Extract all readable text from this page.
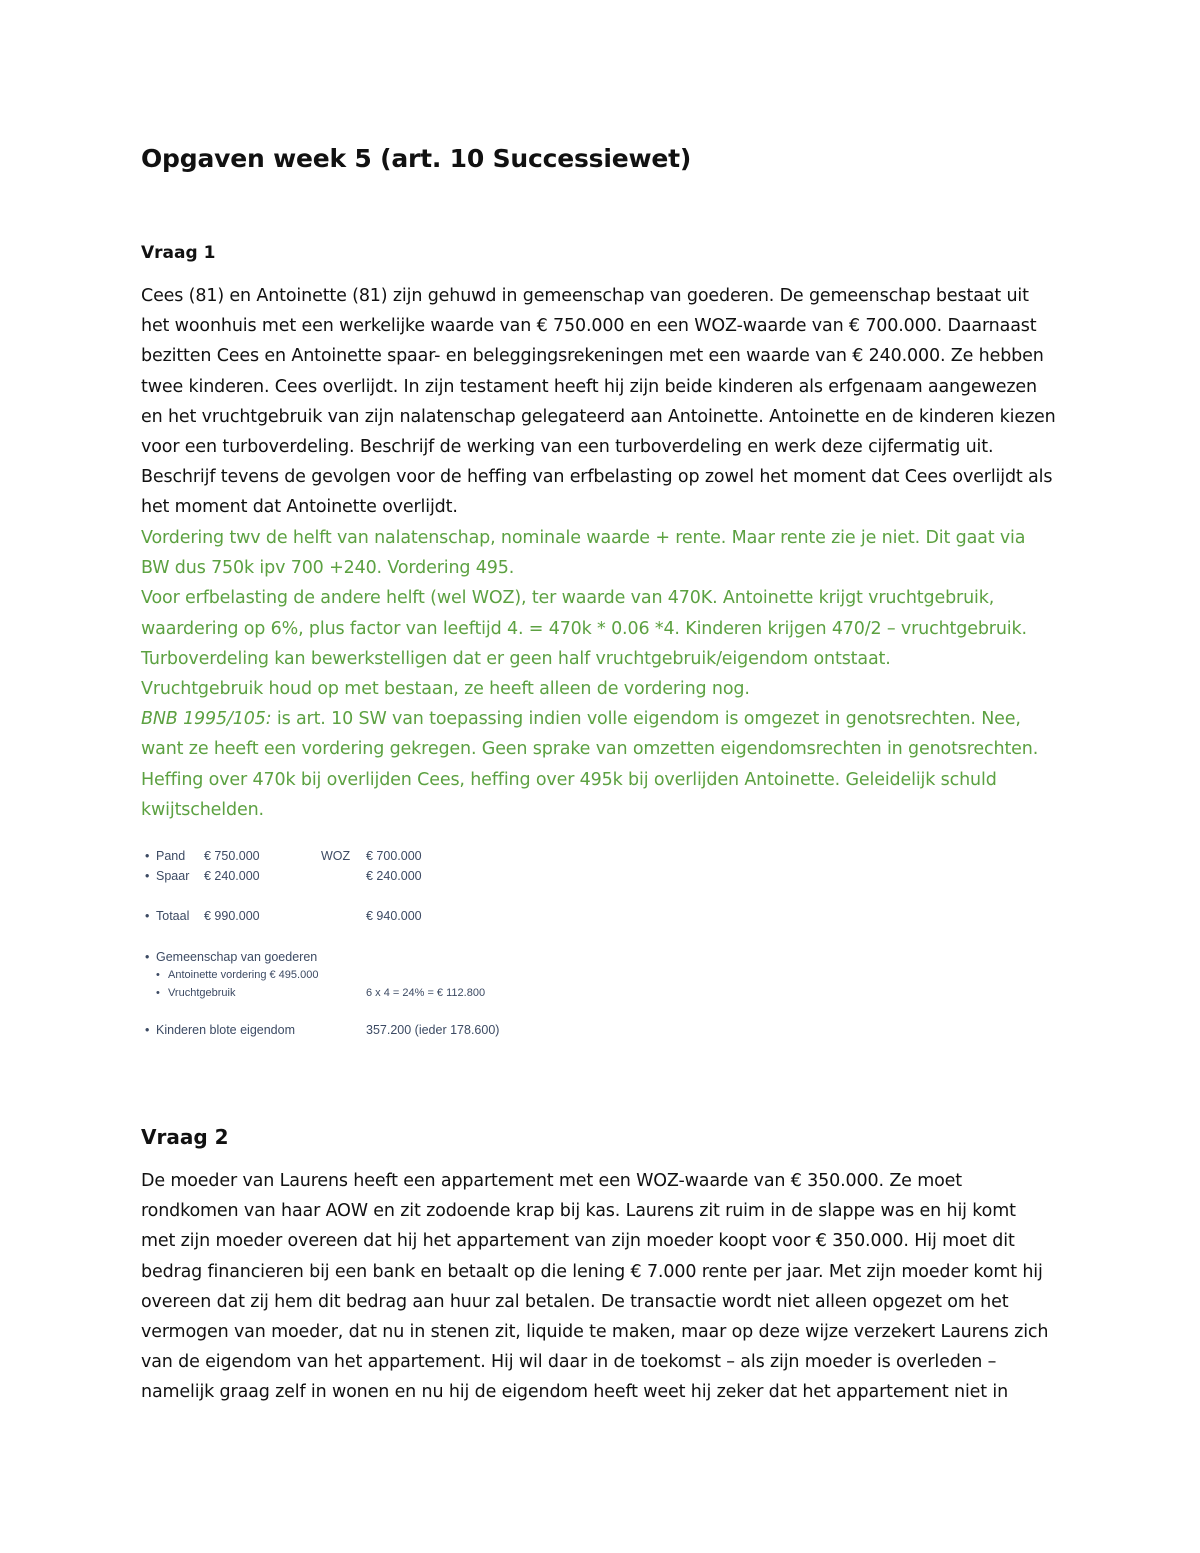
Opgaven week 5 (art. 10 Successiewet)
Vraag 1
Cees (81) en Antoinette (81) zijn gehuwd in gemeenschap van goederen. De gemeenschap bestaat uit
het woonhuis met een werkelijke waarde van € 750.000 en een WOZ-waarde van € 700.000. Daarnaast
bezitten Cees en Antoinette spaar- en beleggingsrekeningen met een waarde van € 240.000. Ze hebben
twee kinderen. Cees overlijdt. In zijn testament heeft hij zijn beide kinderen als erfgenaam aangewezen
en het vruchtgebruik van zijn nalatenschap gelegateerd aan Antoinette. Antoinette en de kinderen kiezen
voor een turboverdeling. Beschrijf de werking van een turboverdeling en werk deze cijfermatig uit.
Beschrijf tevens de gevolgen voor de heffing van erfbelasting op zowel het moment dat Cees overlijdt als
het moment dat Antoinette overlijdt.
Vordering twv de helft van nalatenschap, nominale waarde + rente. Maar rente zie je niet. Dit gaat via
BW dus 750k ipv 700 +240. Vordering 495.
Voor erfbelasting de andere helft (wel WOZ), ter waarde van 470K. Antoinette krijgt vruchtgebruik,
waardering op 6%, plus factor van leeftijd 4. = 470k * 0.06 *4. Kinderen krijgen 470/2 – vruchtgebruik.
Turboverdeling kan bewerkstelligen dat er geen half vruchtgebruik/eigendom ontstaat.
Vruchtgebruik houd op met bestaan, ze heeft alleen de vordering nog.
BNB 1995/105: is art. 10 SW van toepassing indien volle eigendom is omgezet in genotsrechten. Nee,
want ze heeft een vordering gekregen. Geen sprake van omzetten eigendomsrechten in genotsrechten.
Heffing over 470k bij overlijden Cees, heffing over 495k bij overlijden Antoinette. Geleidelijk schuld
kwijtschelden.
• Pand € 750.000	WOZ € 700.000
• Spaar € 240.000	€ 240.000
• Totaal € 990.000	€ 940.000
• Gemeenschap van goederen
• Antoinette vordering € 495.000
• Vruchtgebruik	6 x 4 = 24% = € 112.800
• Kinderen blote eigendom	357.200 (ieder 178.600)
Vraag 2
De moeder van Laurens heeft een appartement met een WOZ-waarde van € 350.000. Ze moet
rondkomen van haar AOW en zit zodoende krap bij kas. Laurens zit ruim in de slappe was en hij komt
met zijn moeder overeen dat hij het appartement van zijn moeder koopt voor € 350.000. Hij moet dit
bedrag financieren bij een bank en betaalt op die lening € 7.000 rente per jaar. Met zijn moeder komt hij
overeen dat zij hem dit bedrag aan huur zal betalen. De transactie wordt niet alleen opgezet om het
vermogen van moeder, dat nu in stenen zit, liquide te maken, maar op deze wijze verzekert Laurens zich
van de eigendom van het appartement. Hij wil daar in de toekomst – als zijn moeder is overleden –
namelijk graag zelf in wonen en nu hij de eigendom heeft weet hij zeker dat het appartement niet in
